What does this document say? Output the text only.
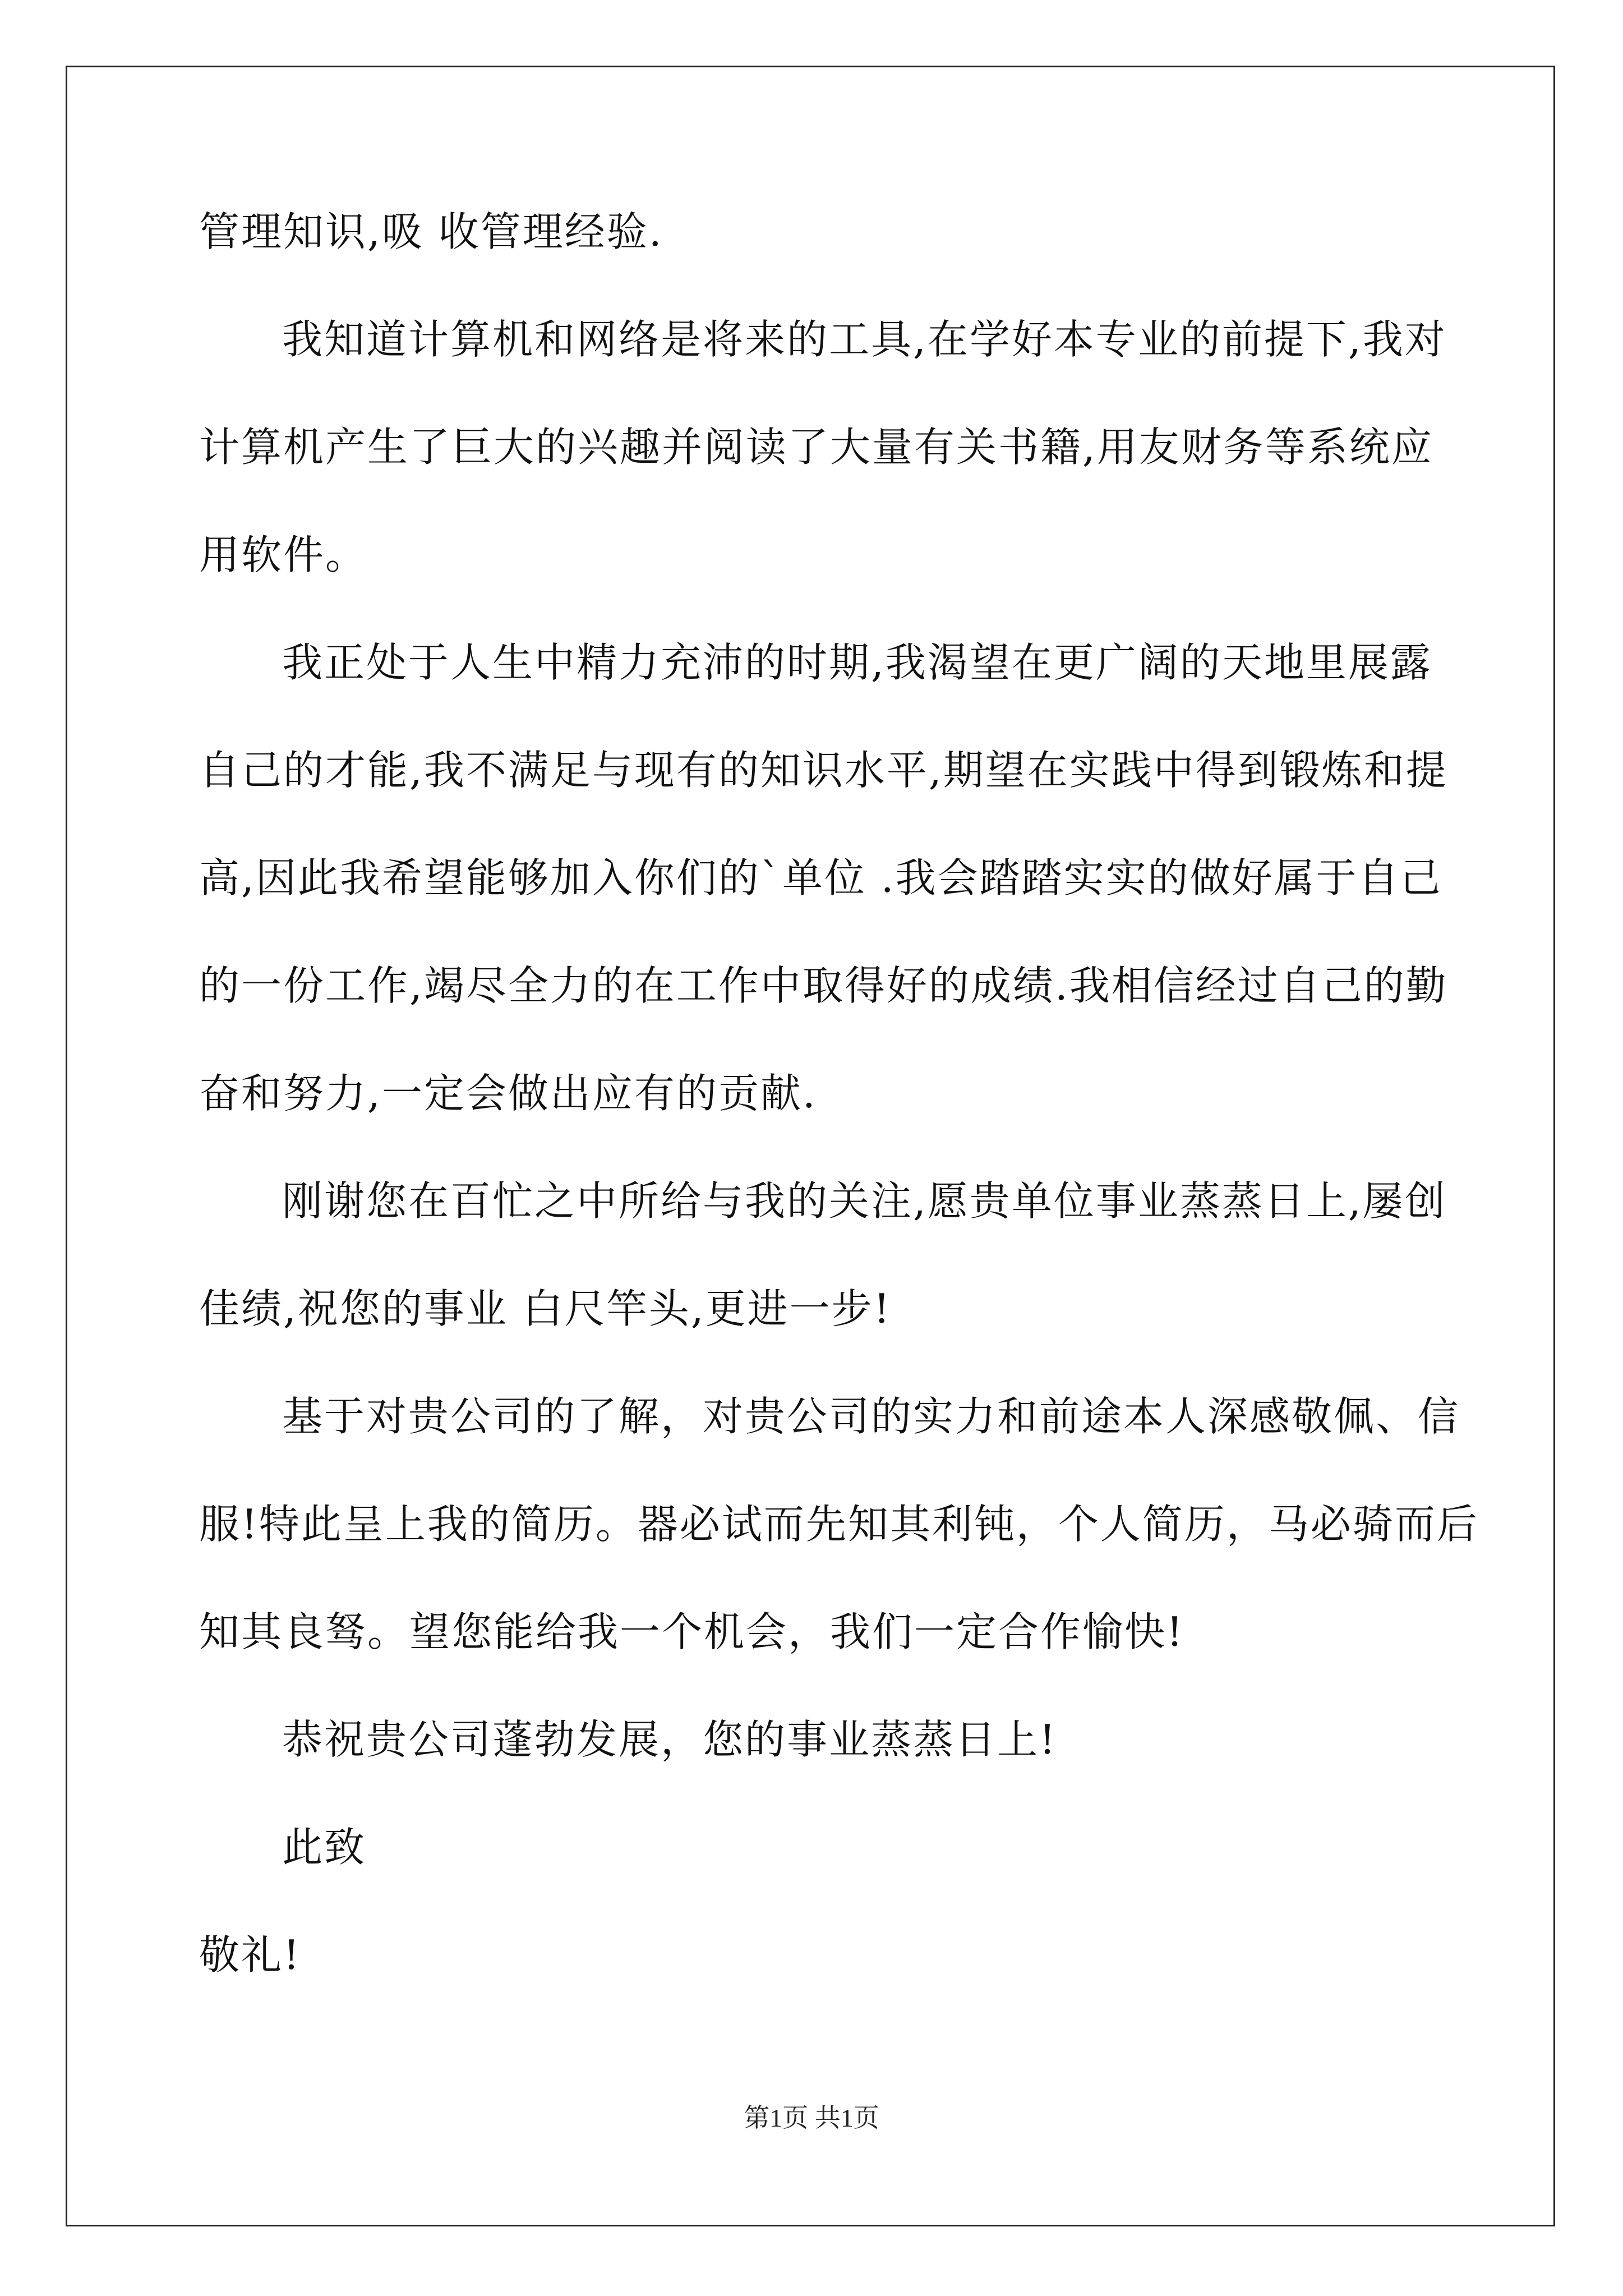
管理知识,吸 收管理经验.
我知道计算机和网络是将来的工具,在学好本专业的前提下,我对
计算机产生了巨大的兴趣并阅读了大量有关书籍,用友财务等系统应
用软件。
我正处于人生中精力充沛的时期,我渴望在更广阔的天地里展露
自己的才能,我不满足与现有的知识水平,期望在实践中得到锻炼和提
高,因此我希望能够加入你们的`单位 .我会踏踏实实的做好属于自己
的一份工作,竭尽全力的在工作中取得好的成绩.我相信经过自己的勤
奋和努力,一定会做出应有的贡献.
刚谢您在百忙之中所给与我的关注,愿贵单位事业蒸蒸日上,屡创
佳绩,祝您的事业 白尺竿头,更进一步!
基于对贵公司的了解，对贵公司的实力和前途本人深感敬佩、信
服!特此呈上我的简历。器必试而先知其利钝，个人简历，马必骑而后
知其良驽。望您能给我一个机会，我们一定合作愉快!
恭祝贵公司蓬勃发展，您的事业蒸蒸日上!
此致
敬礼!
第1页 共1页
